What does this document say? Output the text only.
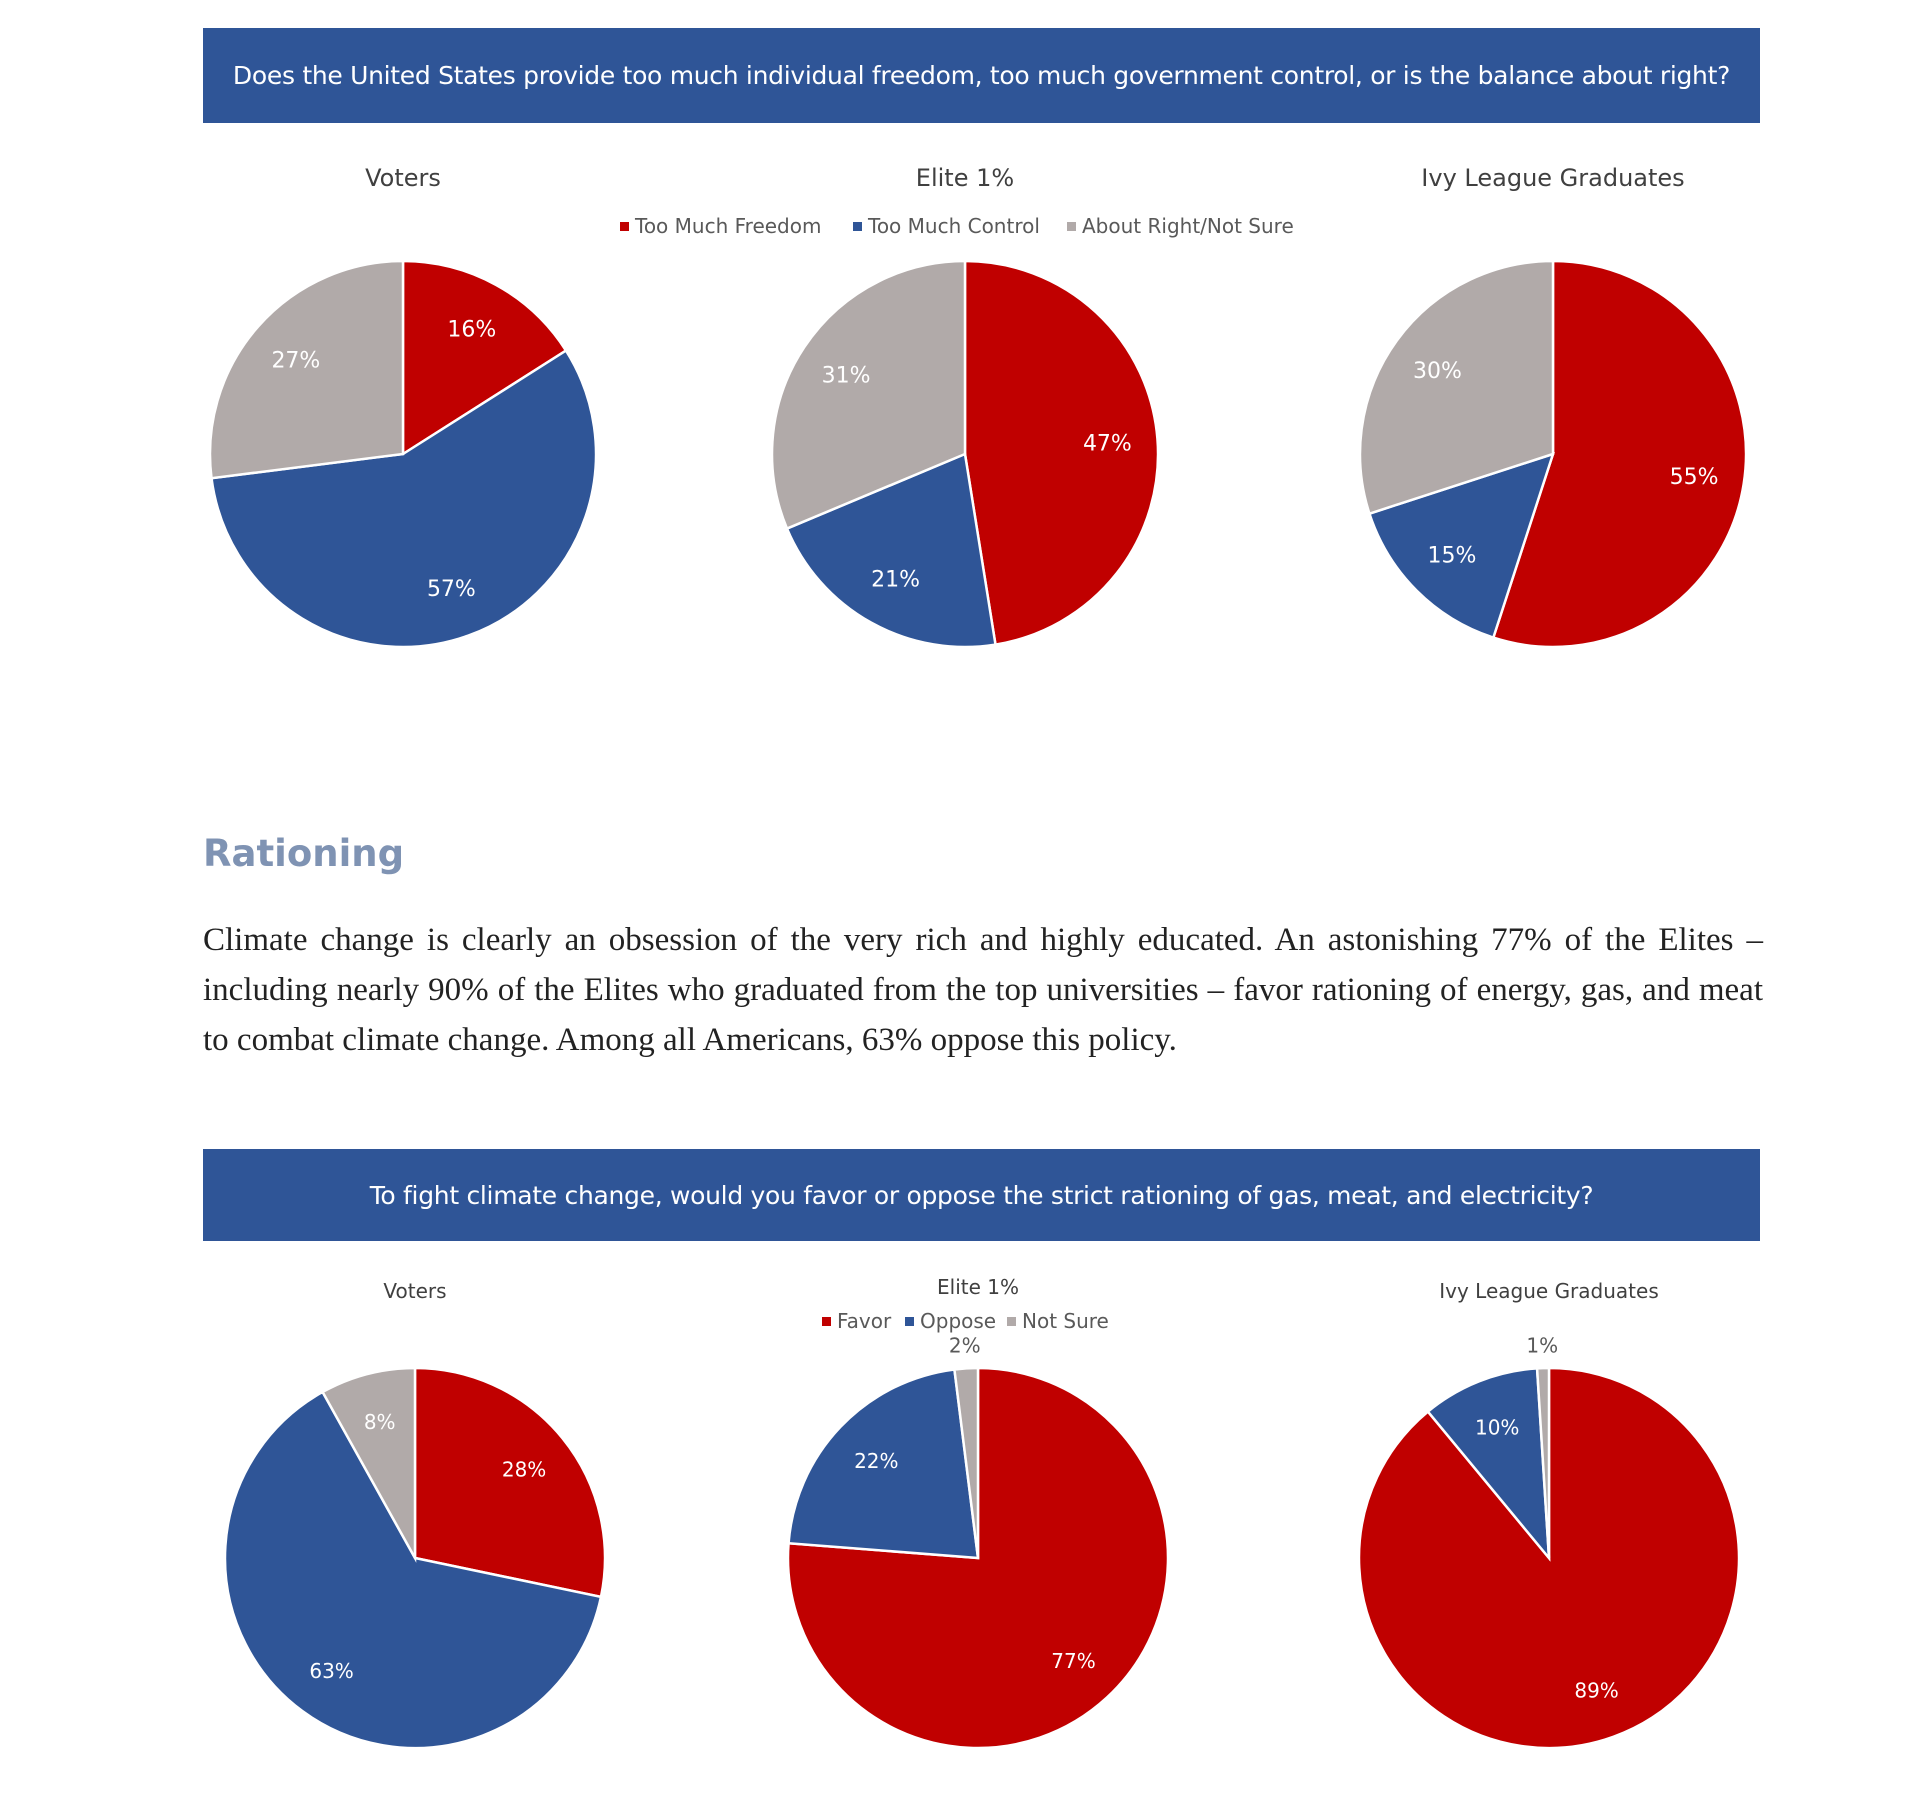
Does the United States provide too much individual freedom, too much government control, or is the balance about right?
Voters
16%
57%
27%
Elite 1%
47%
21%
31%
Ivy League Graduates
55%
15%
30%
Too Much Freedom Too Much Control About Right/Not Sure
Rationing

Climate change is clearly an obsession of the very rich and highly educated. An astonishing 77% of the Elites – including nearly 90% of the Elites who graduated from the top universities – favor rationing of energy, gas, and meat to combat climate change. Among all Americans, 63% oppose this policy.

To fight climate change, would you favor or oppose the strict rationing of gas, meat, and electricity?
Voters
28%
63%
8%
Elite 1%
77%
22%
2%
Ivy League Graduates
89%
10%
1%
Favor Oppose Not Sure
